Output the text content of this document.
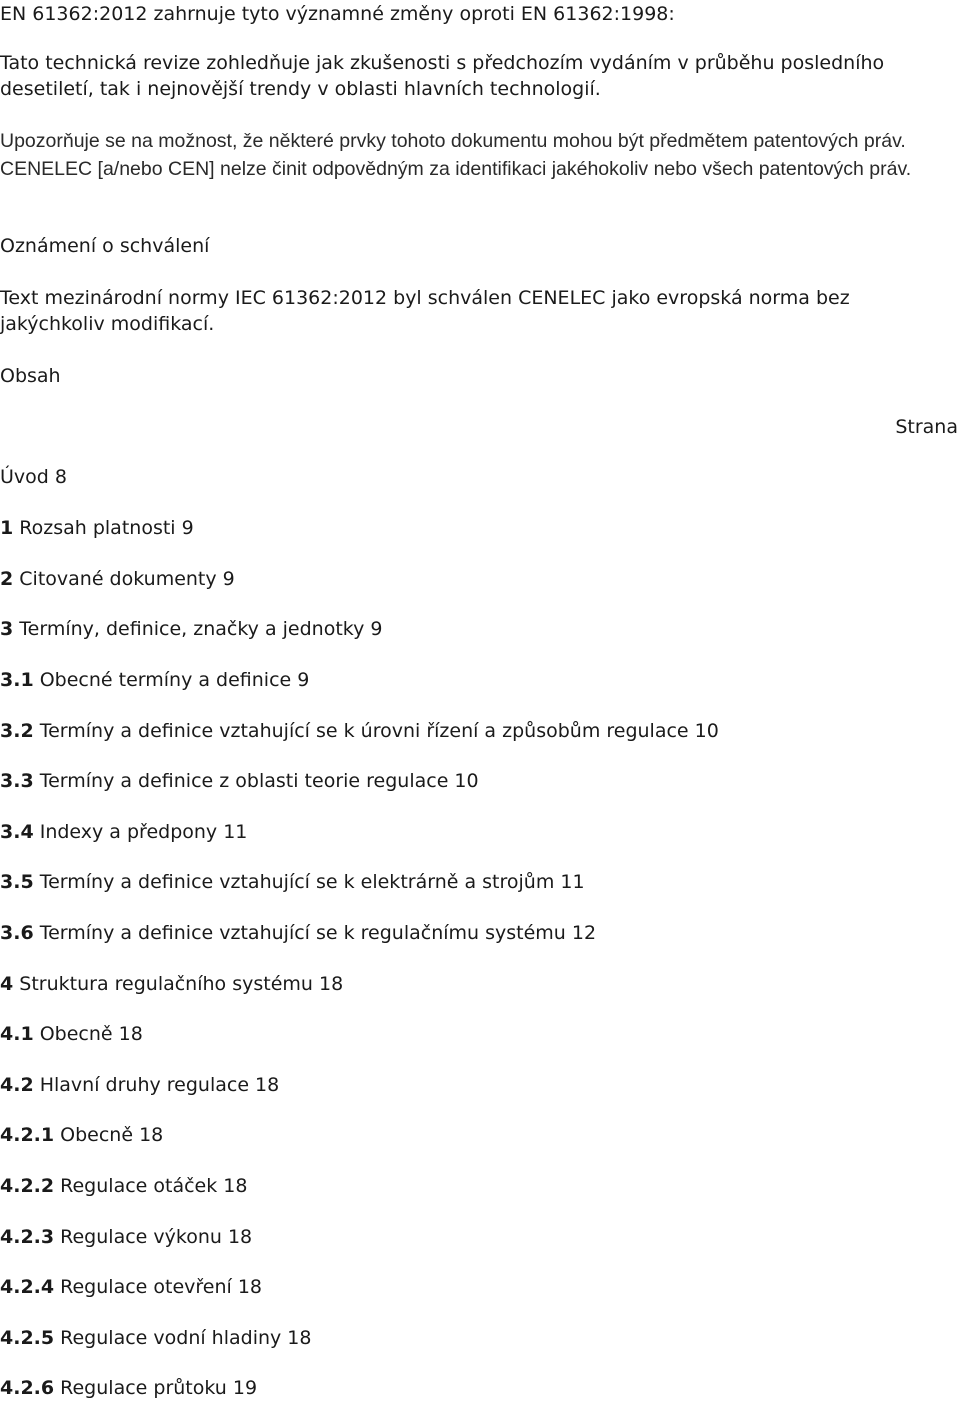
EN 61362:2012 zahrnuje tyto významné změny oproti EN 61362:1998:

Tato technická revize zohledňuje jak zkušenosti s předchozím vydáním v průběhu posledního desetiletí, tak i nejnovější trendy v oblasti hlavních technologií.

Upozorňuje se na možnost, že některé prvky tohoto dokumentu mohou být předmětem patentových práv. CENELEC [a/nebo CEN] nelze činit odpovědným za identifikaci jakéhokoliv nebo všech patentových práv.

Oznámení o schválení

Text mezinárodní normy IEC 61362:2012 byl schválen CENELEC jako evropská norma bez jakýchkoliv modifikací.

Obsah

Strana

Úvod 8

1 Rozsah platnosti 9

2 Citované dokumenty 9

3 Termíny, definice, značky a jednotky 9

3.1 Obecné termíny a definice 9

3.2 Termíny a definice vztahující se k úrovni řízení a způsobům regulace 10

3.3 Termíny a definice z oblasti teorie regulace 10

3.4 Indexy a předpony 11

3.5 Termíny a definice vztahující se k elektrárně a strojům 11

3.6 Termíny a definice vztahující se k regulačnímu systému 12

4 Struktura regulačního systému 18

4.1 Obecně 18

4.2 Hlavní druhy regulace 18

4.2.1 Obecně 18

4.2.2 Regulace otáček 18

4.2.3 Regulace výkonu 18

4.2.4 Regulace otevření 18

4.2.5 Regulace vodní hladiny 18

4.2.6 Regulace průtoku 19
